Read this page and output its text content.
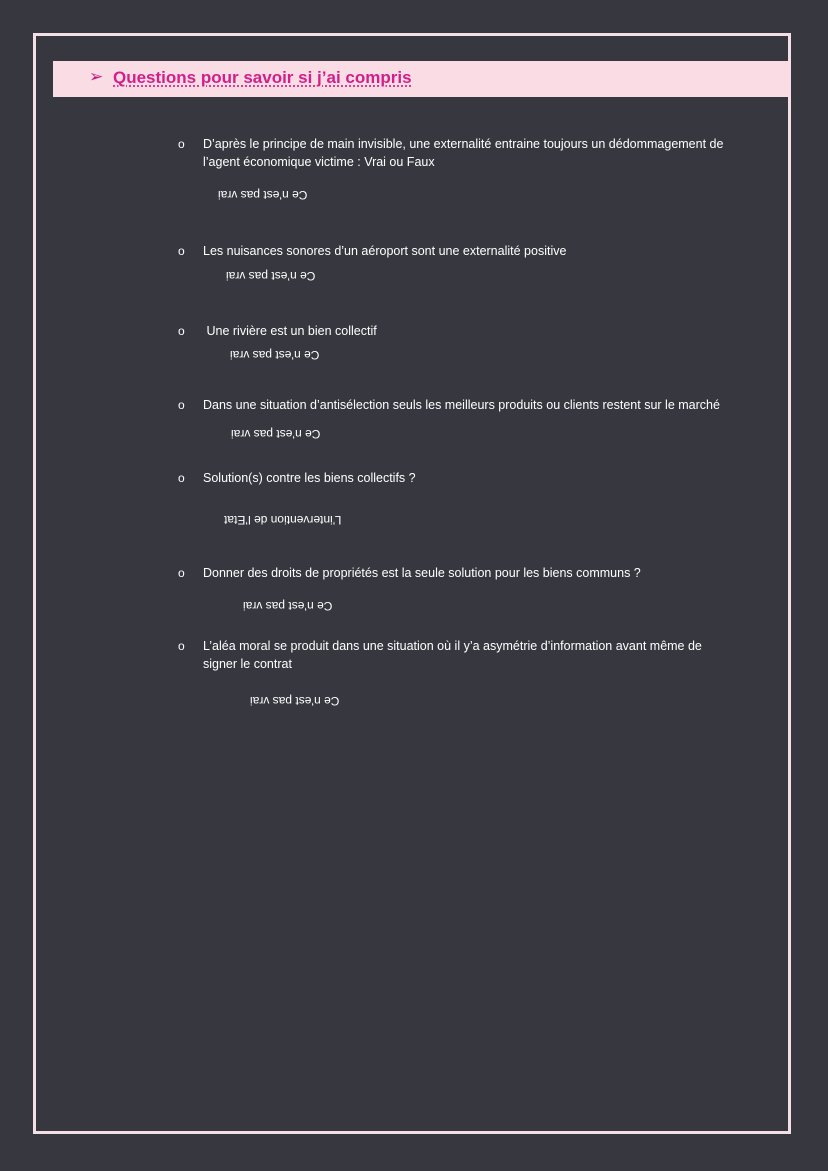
➢ Questions pour savoir si j’ai compris
o D’après le principe de main invisible, une externalité entraine toujours un dédommagement de l’agent économique victime : Vrai ou Faux
Ce n’est pas vrai
o Les nuisances sonores d’un aéroport sont une externalité positive
Ce n’est pas vrai
o Une rivière est un bien collectif
Ce n’est pas vrai
o Dans une situation d’antisélection seuls les meilleurs produits ou clients restent sur le marché
Ce n’est pas vrai
o Solution(s) contre les biens collectifs ?
L’intervention de l’Etat
o Donner des droits de propriétés est la seule solution pour les biens communs ?
Ce n’est pas vrai
o L’aléa moral se produit dans une situation où il y’a asymétrie d’information avant même de signer le contrat
Ce n’est pas vrai
